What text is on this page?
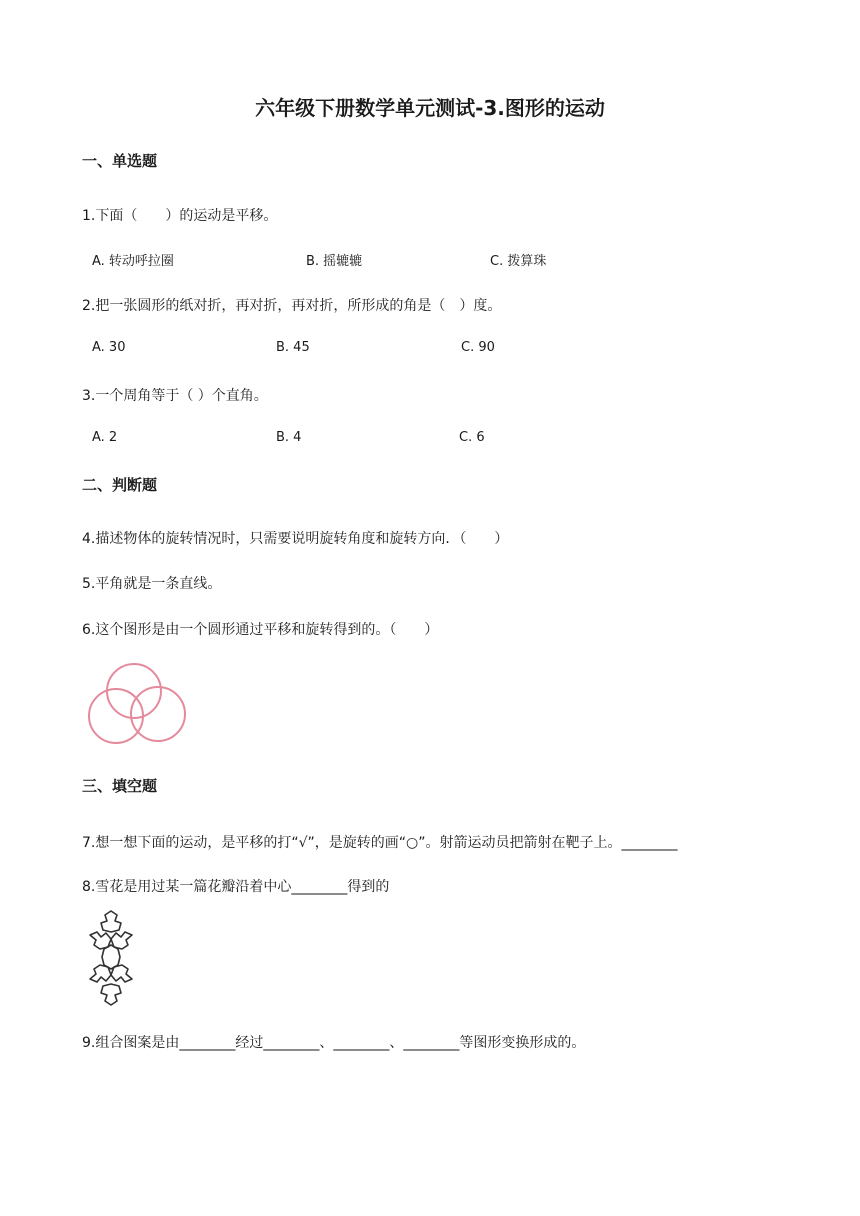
六年级下册数学单元测试-3.图形的运动
一、单选题
1.下面（　　）的运动是平移。
A. 转动呼拉圈	B. 摇辘辘	C. 拨算珠
2.把一张圆形的纸对折，再对折，再对折，所形成的角是（　）度。
A. 30	B. 45	C. 90
3.一个周角等于（ ）个直角。
A. 2	B. 4	C. 6
二、判断题
4.描述物体的旋转情况时，只需要说明旋转角度和旋转方向．（　　）
5.平角就是一条直线。
6.这个图形是由一个圆形通过平移和旋转得到的。（　　）
三、填空题
7.想一想下面的运动，是平移的打“√”，是旋转的画“○”。射箭运动员把箭射在靶子上。________
8.雪花是用过某一篇花瓣沿着中心________得到的
9.组合图案是由________经过________、________、________等图形变换形成的。
